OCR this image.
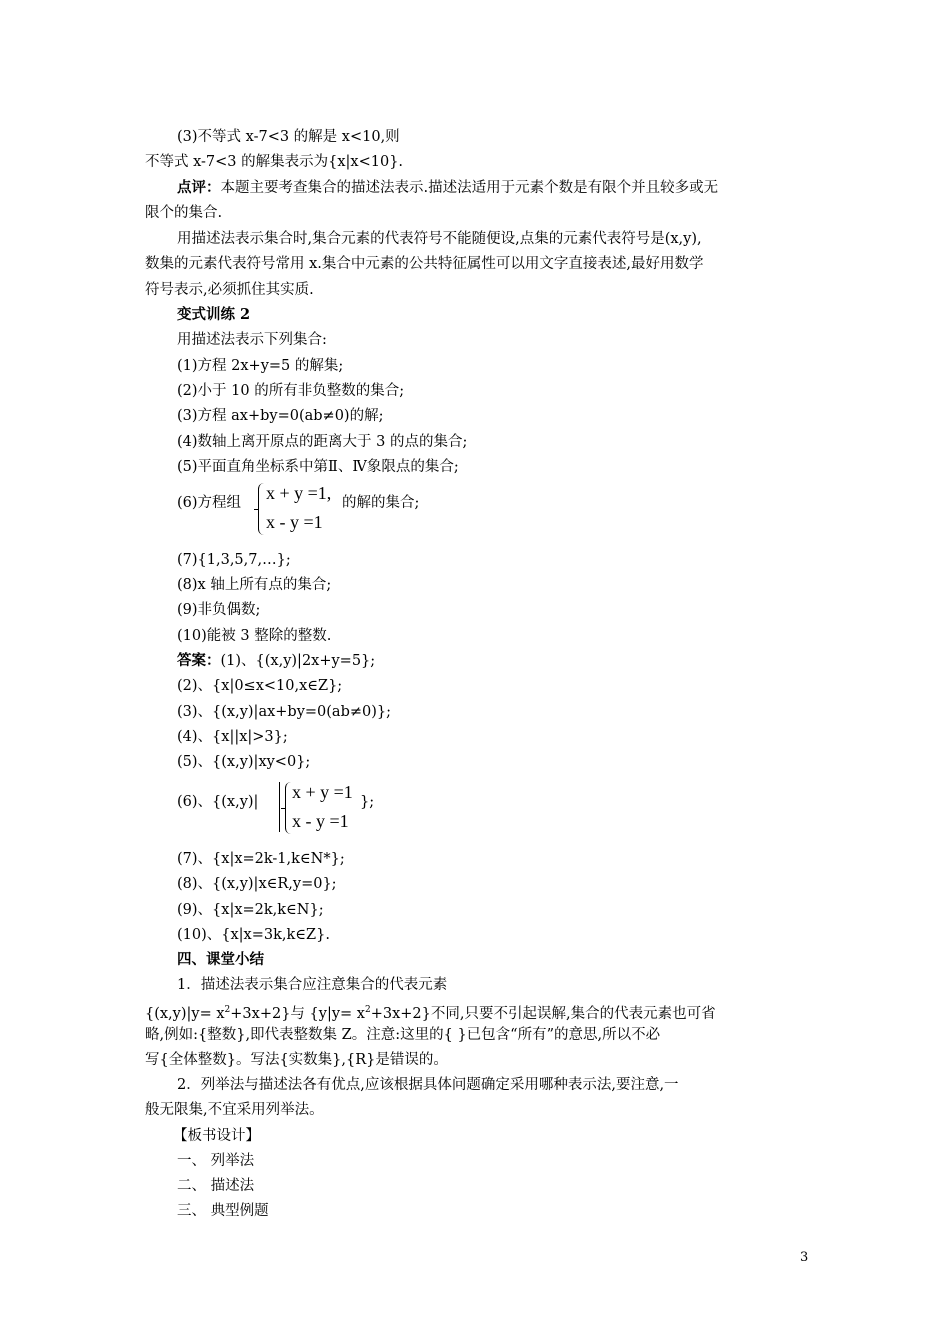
(3)不等式 x-7<3 的解是 x<10,则
不等式 x-7<3 的解集表示为{x|x<10}.
点评：本题主要考查集合的描述法表示.描述法适用于元素个数是有限个并且较多或无
限个的集合.
用描述法表示集合时,集合元素的代表符号不能随便设,点集的元素代表符号是(x,y),
数集的元素代表符号常用 x.集合中元素的公共特征属性可以用文字直接表述,最好用数学
符号表示,必须抓住其实质.
变式训练 2
用描述法表示下列集合:
(1)方程 2x+y=5 的解集;
(2)小于 10 的所有非负整数的集合;
(3)方程 ax+by=0(ab≠0)的解;
(4)数轴上离开原点的距离大于 3 的点的集合;
(5)平面直角坐标系中第Ⅱ、Ⅳ象限点的集合;
(6)方程组 x + y =1,
x - y =1
的解的集合;
(7){1,3,5,7,…};
(8)x 轴上所有点的集合;
(9)非负偶数;
(10)能被 3 整除的整数.
答案：(1)、{(x,y)|2x+y=5};
(2)、{x|0≤x<10,x∈Z};
(3)、{(x,y)|ax+by=0(ab≠0)};
(4)、{x||x|>3};
(5)、{(x,y)|xy<0};
(6)、{(x,y)| x + y =1
x - y =1
};
(7)、{x|x=2k-1,k∈N*};
(8)、{(x,y)|x∈R,y=0};
(9)、{x|x=2k,k∈N};
(10)、{x|x=3k,k∈Z}.
四、课堂小结
1．描述法表示集合应注意集合的代表元素
$\{(x,y)|y= x^2+3x+2\}$与 $\{y|y= x^2+3x+2\}$不同,只要不引起误解,集合的代表元素也可省
略,例如:{整数},即代表整数集 Z。注意:这里的{ }已包含“所有”的意思,所以不必
写{全体整数}。写法{实数集},{R}是错误的。
2．列举法与描述法各有优点,应该根据具体问题确定采用哪种表示法,要注意,一
般无限集,不宜采用列举法。
【板书设计】
一、 列举法
二、 描述法
三、 典型例题
3
